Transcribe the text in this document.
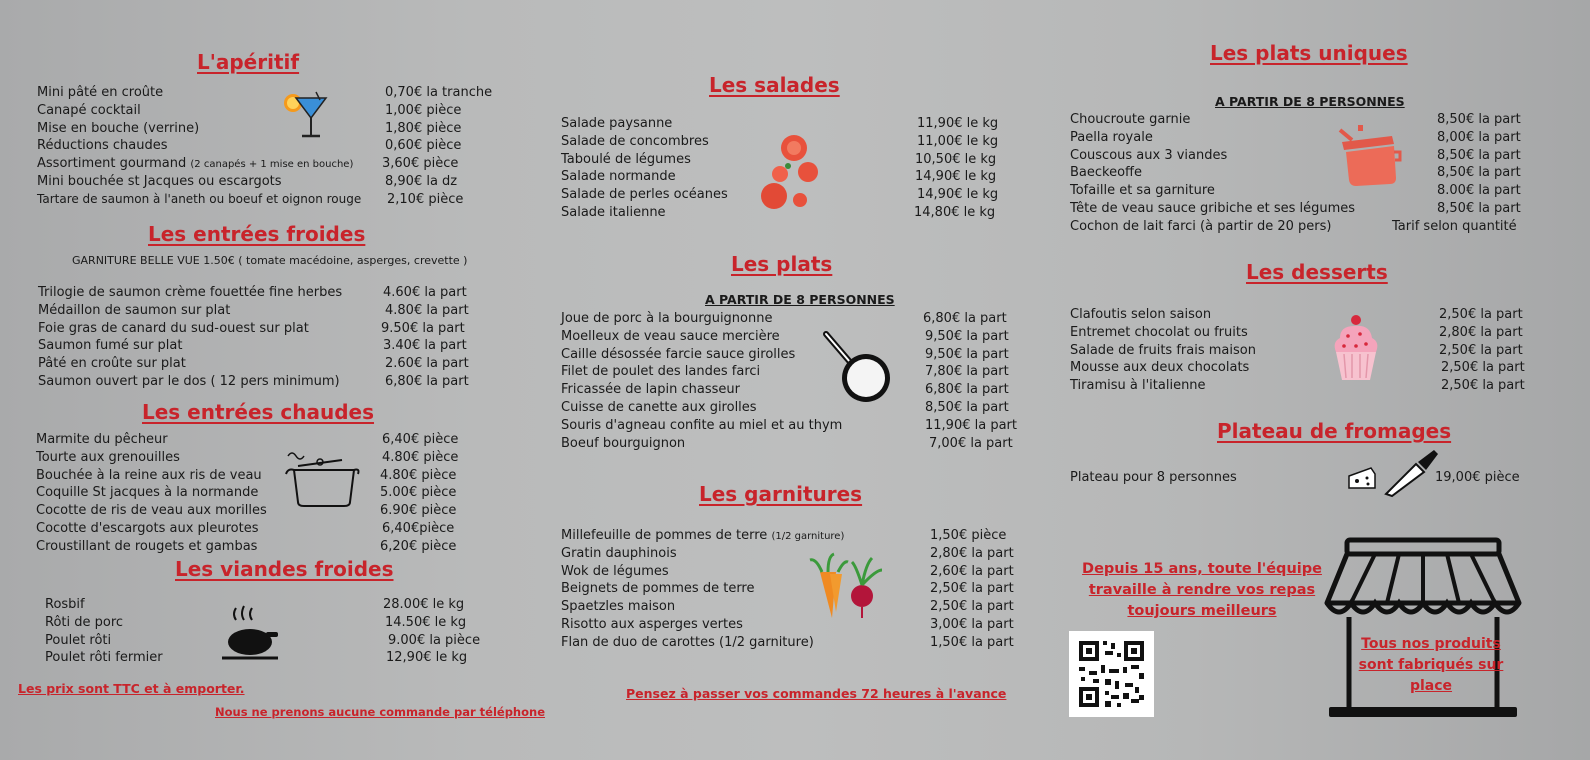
L'apéritif
Mini pâté en croûte	0,70€ la tranche
Canapé cocktail	1,00€ pièce
Mise en bouche (verrine)	1,80€ pièce
Réductions chaudes	0,60€ pièce
Assortiment gourmand (2 canapés + 1 mise en bouche) 3,60€ pièce
Mini bouchée st Jacques ou escargots	8,90€ la dz
Tartare de saumon à l'aneth ou boeuf et oignon rouge 2,10€ pièce
Les entrées froides
GARNITURE BELLE VUE 1.50€ ( tomate macédoine, asperges, crevette )
Trilogie de saumon crème fouettée fine herbes	4.60€ la part
Médaillon de saumon sur plat	4.80€ la part
Foie gras de canard du sud-ouest sur plat	9.50€ la part
Saumon fumé sur plat	3.40€ la part
Pâté en croûte sur plat	2.60€ la part
Saumon ouvert par le dos ( 12 pers minimum)	6,80€ la part
Les entrées chaudes
Marmite du pêcheur	6,40€ pièce
Tourte aux grenouilles	4.80€ pièce
Bouchée à la reine aux ris de veau	4.80€ pièce
Coquille St jacques à la normande	5.00€ pièce
Cocotte de ris de veau aux morilles	6.90€ pièce
Cocotte d'escargots aux pleurotes	6,40€pièce
Croustillant de rougets et gambas	6,20€ pièce
Les viandes froides
Rosbif	28.00€ le kg
Rôti de porc	14.50€ le kg
Poulet rôti	9.00€ la pièce
Poulet rôti fermier	12,90€ le kg
Les prix sont TTC et à emporter.
Nous ne prenons aucune commande par téléphone
Les salades
Salade paysanne	11,90€ le kg
Salade de concombres	11,00€ le kg
Taboulé de légumes	10,50€ le kg
Salade normande	14,90€ le kg
Salade de perles océanes	14,90€ le kg
Salade italienne	14,80€ le kg
Les plats
A PARTIR DE 8 PERSONNES
Joue de porc à la bourguignonne	6,80€ la part
Moelleux de veau sauce mercière	9,50€ la part
Caille désossée farcie sauce girolles	9,50€ la part
Filet de poulet des landes farci	7,80€ la part
Fricassée de lapin chasseur	6,80€ la part
Cuisse de canette aux girolles	8,50€ la part
Souris d'agneau confite au miel et au thym	11,90€ la part
Boeuf bourguignon	7,00€ la part
Les garnitures
Millefeuille de pommes de terre (1/2 garniture)	1,50€ pièce
Gratin dauphinois	2,80€ la part
Wok de légumes	2,60€ la part
Beignets de pommes de terre	2,50€ la part
Spaetzles maison	2,50€ la part
Risotto aux asperges vertes	3,00€ la part
Flan de duo de carottes (1/2 garniture)	1,50€ la part
Pensez à passer vos commandes 72 heures à l'avance
Les plats uniques
A PARTIR DE 8 PERSONNES
Choucroute garnie	8,50€ la part
Paella royale	8,00€ la part
Couscous aux 3 viandes	8,50€ la part
Baeckeoffe	8,50€ la part
Tofaille et sa garniture	8.00€ la part
Tête de veau sauce gribiche et ses légumes	8,50€ la part
Cochon de lait farci (à partir de 20 pers)	Tarif selon quantité
Les desserts
Clafoutis selon saison	2,50€ la part
Entremet chocolat ou fruits	2,80€ la part
Salade de fruits frais maison	2,50€ la part
Mousse aux deux chocolats	2,50€ la part
Tiramisu à l'italienne	2,50€ la part
Plateau de fromages
Plateau pour 8 personnes	19,00€ pièce
Depuis 15 ans, toute l'équipe
travaille à rendre vos repas
toujours meilleurs
Tous nos produits
sont fabriqués sur
place
